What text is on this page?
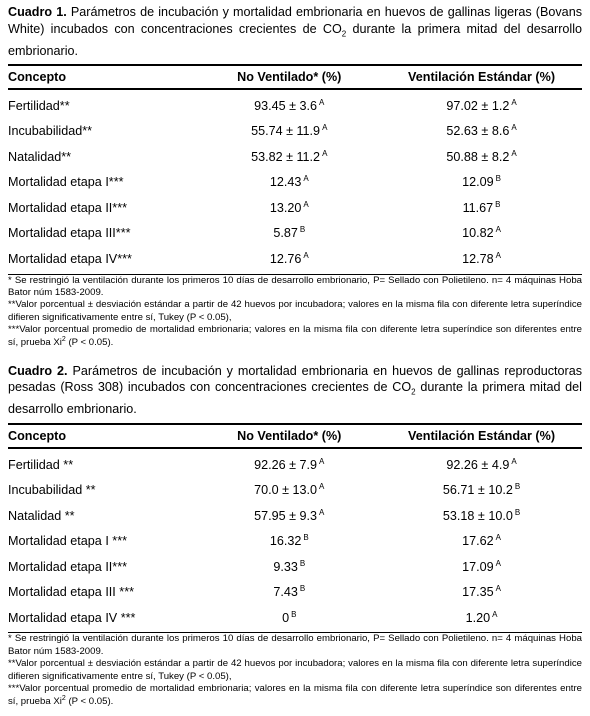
Cuadro 1. Parámetros de incubación y mortalidad embrionaria en huevos de gallinas ligeras (Bovans White) incubados con concentraciones crecientes de $CO_2$ durante la primera mitad del desarrollo embrionario.

Concepto	No Ventilado* (%)	Ventilación Estándar (%)
Fertilidad**	93.45 ± 3.6 $^A$	97.02 ± 1.2 $^A$
Incubabilidad**	55.74 ± 11.9 $^A$	52.63 ± 8.6 $^A$
Natalidad**	53.82 ± 11.2 $^A$	50.88 ± 8.2 $^A$
Mortalidad etapa I***	12.43 $^A$	12.09 $^B$
Mortalidad etapa II***	13.20 $^A$	11.67 $^B$
Mortalidad etapa III***	5.87 $^B$	10.82 $^A$
Mortalidad etapa IV***	12.76 $^A$	12.78 $^A$

* Se restringió la ventilación durante los primeros 10 días de desarrollo embrionario, P= Sellado con Polietileno. n= 4 máquinas Hoba Bator núm 1583-2009.

**Valor porcentual ± desviación estándar a partir de 42 huevos por incubadora; valores en la misma fila con diferente letra superíndice difieren significativamente entre sí, Tukey (P < 0.05),

***Valor porcentual promedio de mortalidad embrionaria; valores en la misma fila con diferente letra superíndice son diferentes entre sí, prueba Xi$^2$ (P < 0.05).

Cuadro 2. Parámetros de incubación y mortalidad embrionaria en huevos de gallinas reproductoras pesadas (Ross 308) incubados con concentraciones crecientes de $CO_2$ durante la primera mitad del desarrollo embrionario.

Concepto	No Ventilado* (%)	Ventilación Estándar (%)
Fertilidad **	92.26 ± 7.9 $^A$	92.26 ± 4.9 $^A$
Incubabilidad **	70.0 ± 13.0 $^A$	56.71 ± 10.2 $^B$
Natalidad **	57.95 ± 9.3 $^A$	53.18 ± 10.0 $^B$
Mortalidad etapa I ***	16.32 $^B$	17.62 $^A$
Mortalidad etapa II***	9.33 $^B$	17.09 $^A$
Mortalidad etapa III ***	7.43 $^B$	17.35 $^A$
Mortalidad etapa IV ***	0 $^B$	1.20 $^A$

* Se restringió la ventilación durante los primeros 10 días de desarrollo embrionario, P= Sellado con Polietileno. n= 4 máquinas Hoba Bator núm 1583-2009.

**Valor porcentual ± desviación estándar a partir de 42 huevos por incubadora; valores en la misma fila con diferente letra superíndice difieren significativamente entre sí, Tukey (P < 0.05),

***Valor porcentual promedio de mortalidad embrionaria; valores en la misma fila con diferente letra superíndice son diferentes entre sí, prueba Xi$^2$ (P < 0.05).
